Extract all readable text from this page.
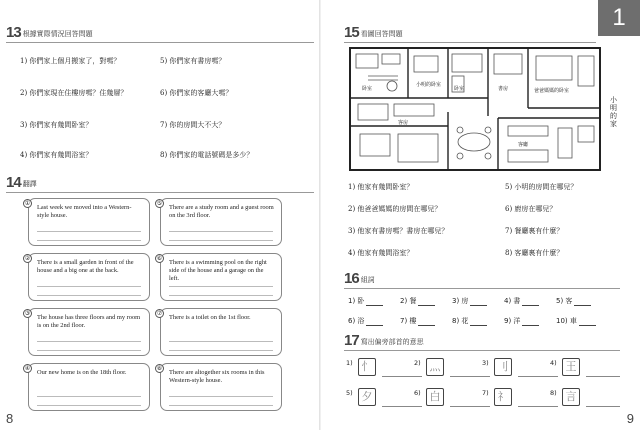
13 根據實際情況回答問題
1) 你們家上個月搬家了，對嗎？	5) 你們家有書房嗎？
2) 你們家現在住樓房嗎？住幾層？	6) 你們家的客廳大嗎？
3) 你們家有幾間卧室？	7) 你的房間大不大？
4) 你們家有幾間浴室？	8) 你們家的電話號碼是多少？
14 翻譯
①
Last week we moved into a Western-style house.
⑤
There are a study room and a guest room on the 3rd floor.
②
There is a small garden in front of the house and a big one at the back.
⑥
There is a swimming pool on the right side of the house and a garage on the left.
③
The house has three floors and my room is on the 2nd floor.
⑦
There is a toilet on the 1st floor.
④
Our new home is on the 18th floor.
⑧
There are altogether six rooms in this Western-style house.
8
15 看圖回答問題
卧室	卧室
小明的卧室
爸爸媽媽的卧室
書房
客房
客廳
小明的家
1) 他家有幾間卧室？	5) 小明的房間在哪兒？
2) 他爸爸媽媽的房間在哪兒？	6) 廚房在哪兒？
3) 他家有書房嗎？書房在哪兒？	7) 餐廳裏有什麼？
4) 他家有幾間浴室？	8) 客廳裏有什麼？
16 組詞
1) 卧	2) 餐	3) 房	4) 書	5) 客
6) 浴	7) 樓	8) 花	9) 洋	10) 車
17 寫出偏旁部首的意思
1) 忄	2) 灬	3) 刂	4) 王
5) 夕	6) 白	7) 礻	8) 言
9
1
